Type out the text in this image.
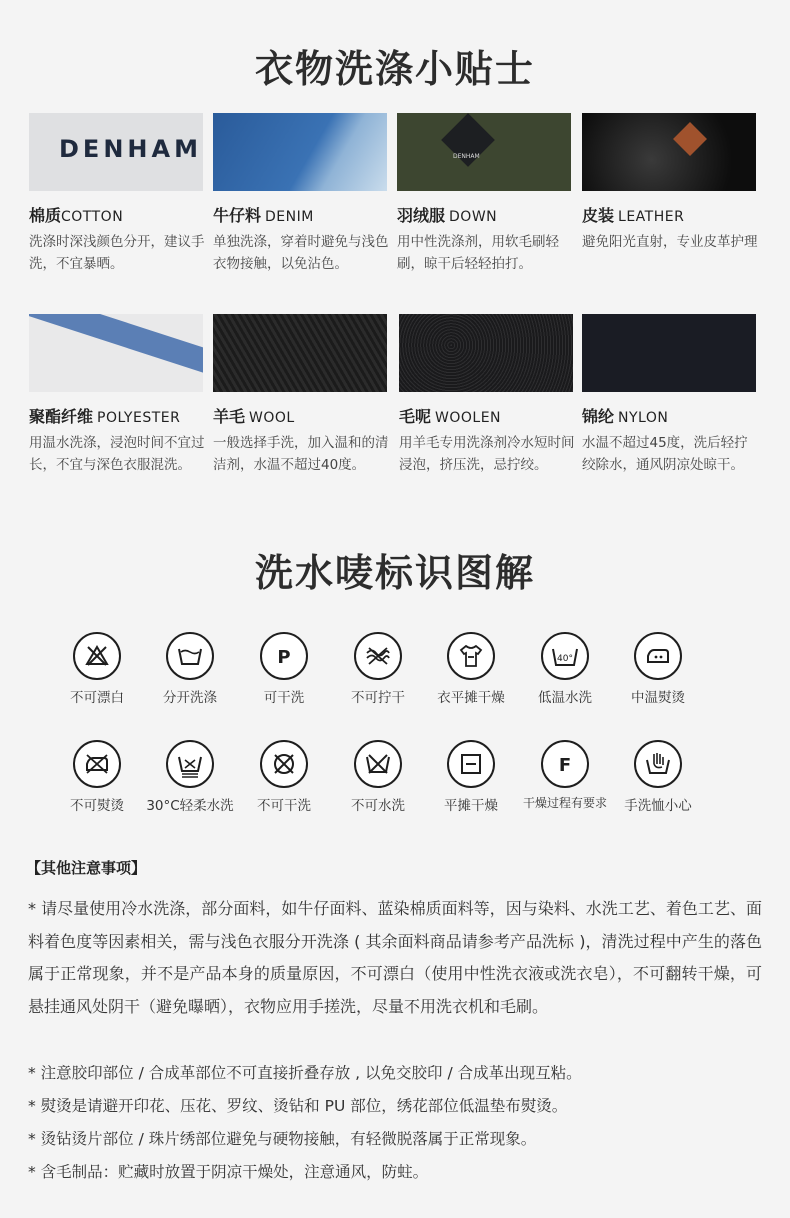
衣物洗涤小贴士
DENHAM
棉质COTTON
洗涤时深浅颜色分开，建议手洗，不宜暴晒。
牛仔料 DENIM
单独洗涤，穿着时避免与浅色衣物接触，以免沾色。
DENHAM
羽绒服 DOWN
用中性洗涤剂，用软毛刷轻刷，晾干后轻轻拍打。
皮装 LEATHER
避免阳光直射，专业皮革护理
聚酯纤维 POLYESTER
用温水洗涤，浸泡时间不宜过长，不宜与深色衣服混洗。
羊毛 WOOL
一般选择手洗，加入温和的清洁剂，水温不超过40度。
毛呢 WOOLEN
用羊毛专用洗涤剂冷水短时间浸泡，挤压洗，忌拧绞。
锦纶 NYLON
水温不超过45度，洗后轻拧绞除水，通风阴凉处晾干。
洗水唛标识图解
不可漂白	分开洗涤
P
可干洗	不可拧干	衣平摊干燥
40°
低温水洗	中温熨烫
不可熨烫	30°C轻柔水洗	不可干洗	不可水洗	平摊干燥
F
干燥过程有要求	手洗恤小心
【其他注意事项】
* 请尽量使用冷水洗涤，部分面料，如牛仔面料、蓝染棉质面料等，因与染料、水洗工艺、着色工艺、面料着色度等因素相关，需与浅色衣服分开洗涤 ( 其余面料商品请参考产品洗标 )，清洗过程中产生的落色属于正常现象，并不是产品本身的质量原因，不可漂白（使用中性洗衣液或洗衣皂），不可翻转干燥，可悬挂通风处阴干（避免曝晒），衣物应用手搓洗，尽量不用洗衣机和毛刷。
* 注意胶印部位 / 合成革部位不可直接折叠存放 , 以免交胶印 / 合成革出现互粘。
* 熨烫是请避开印花、压花、罗纹、烫钻和 PU 部位，绣花部位低温垫布熨烫。
* 烫钻烫片部位 / 珠片绣部位避免与硬物接触，有轻微脱落属于正常现象。
* 含毛制品：贮藏时放置于阴凉干燥处，注意通风，防蛀。
